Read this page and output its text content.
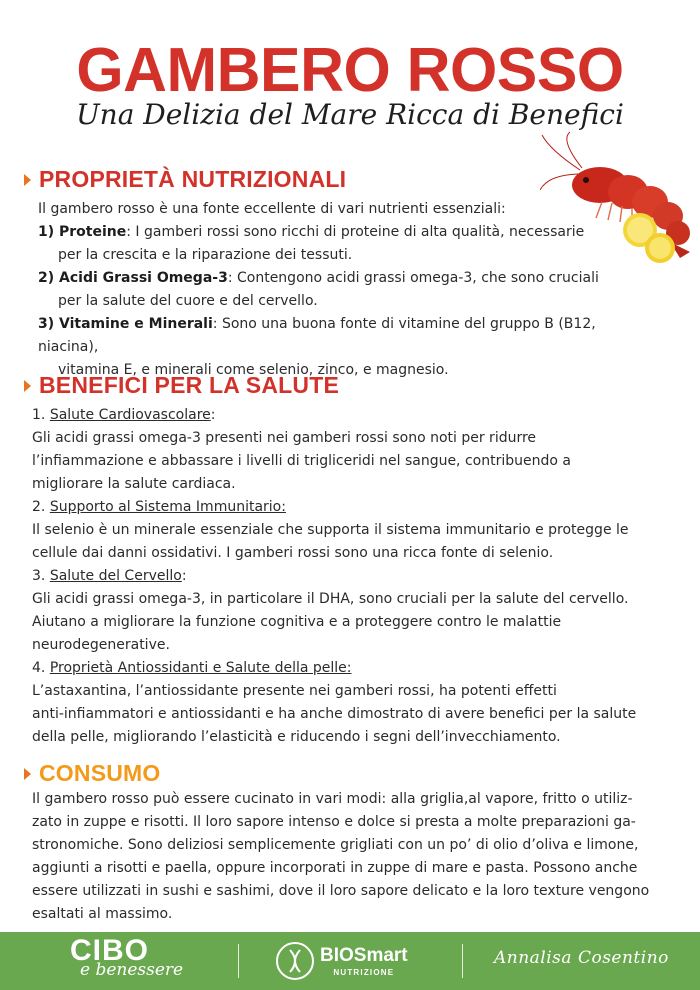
GAMBERO ROSSO
Una Delizia del Mare Ricca di Benefici
PROPRIETÀ NUTRIZIONALI

Il gambero rosso è una fonte eccellente di vari nutrienti essenziali:

1) Proteine: I gamberi rossi sono ricchi di proteine di alta qualità, necessarie

per la crescita e la riparazione dei tessuti.

2) Acidi Grassi Omega-3: Contengono acidi grassi omega-3, che sono cruciali

per la salute del cuore e del cervello.

3) Vitamine e Minerali: Sono una buona fonte di vitamine del gruppo B (B12, niacina),

vitamina E, e minerali come selenio, zinco, e magnesio.

BENEFICI PER LA SALUTE

1. Salute Cardiovascolare:

Gli acidi grassi omega-3 presenti nei gamberi rossi sono noti per ridurre

l’infiammazione e abbassare i livelli di trigliceridi nel sangue, contribuendo a

migliorare la salute cardiaca.

2. Supporto al Sistema Immunitario:

Il selenio è un minerale essenziale che supporta il sistema immunitario e protegge le

cellule dai danni ossidativi. I gamberi rossi sono una ricca fonte di selenio.

3. Salute del Cervello:

Gli acidi grassi omega-3, in particolare il DHA, sono cruciali per la salute del cervello.

Aiutano a migliorare la funzione cognitiva e a proteggere contro le malattie

neurodegenerative.

4. Proprietà Antiossidanti e Salute della pelle:

L’astaxantina, l’antiossidante presente nei gamberi rossi, ha potenti effetti

anti-infiammatori e antiossidanti e ha anche dimostrato di avere benefici per la salute

della pelle, migliorando l’elasticità e riducendo i segni dell’invecchiamento.

CONSUMO

Il gambero rosso può essere cucinato in vari modi: alla griglia,al vapore, fritto o utiliz-

zato in zuppe e risotti. Il loro sapore intenso e dolce si presta a molte preparazioni ga-

stronomiche. Sono deliziosi semplicemente grigliati con un po’ di olio d’oliva e limone,

aggiunti a risotti e paella, oppure incorporati in zuppe di mare e pasta. Possono anche

essere utilizzati in sushi e sashimi, dove il loro sapore delicato e la loro texture vengono

esaltati al massimo.

CIBO
e benessere
BIOSmart
NUTRIZIONE
Annalisa Cosentino
